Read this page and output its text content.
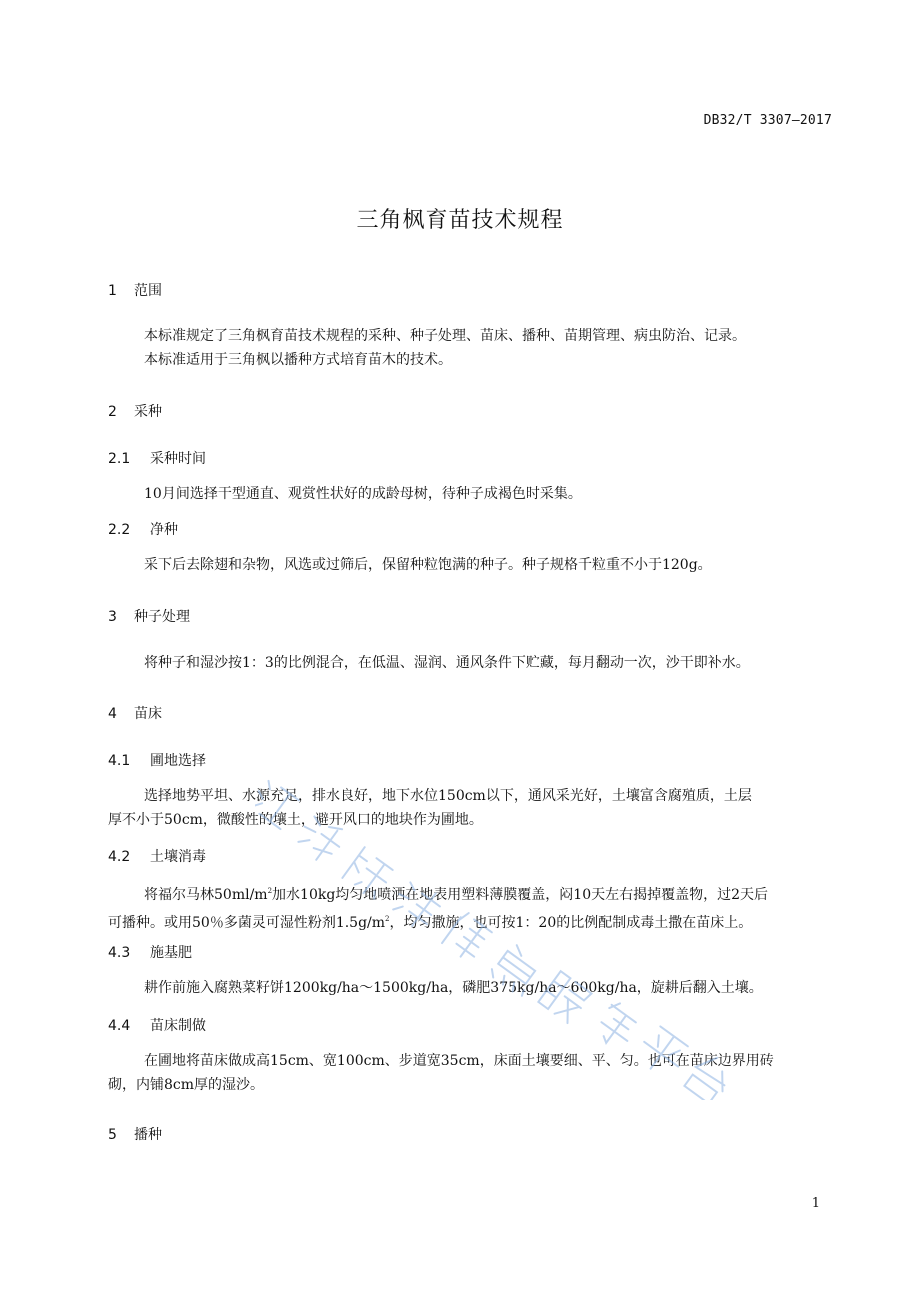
DB32/T 3307—2017
三角枫育苗技术规程
1 范围
本标准规定了三角枫育苗技术规程的采种、种子处理、苗床、播种、苗期管理、病虫防治、记录。
本标准适用于三角枫以播种方式培育苗木的技术。
2 采种
2.1 采种时间
10月间选择干型通直、观赏性状好的成龄母树，待种子成褐色时采集。
2.2 净种
采下后去除翅和杂物，风选或过筛后，保留种粒饱满的种子。种子规格千粒重不小于120g。
3 种子处理
将种子和湿沙按1：3的比例混合，在低温、湿润、通风条件下贮藏，每月翻动一次，沙干即补水。
4 苗床
4.1 圃地选择
选择地势平坦、水源充足，排水良好，地下水位150cm以下，通风采光好，土壤富含腐殖质，土层
厚不小于50cm，微酸性的壤土，避开风口的地块作为圃地。
4.2 土壤消毒
将福尔马林$50ml/m^2$加水10kg均匀地喷洒在地表用塑料薄膜覆盖，闷10天左右揭掉覆盖物，过2天后
可播种。或用50％多菌灵可湿性粉剂$1.5g/m^2$，均匀撒施，也可按1：20的比例配制成毒土撒在苗床上。
4.3 施基肥
耕作前施入腐熟菜籽饼1200kg/ha～1500kg/ha，磷肥375kg/ha～600kg/ha，旋耕后翻入土壤。
4.4 苗床制做
在圃地将苗床做成高15cm、宽100cm、步道宽35cm，床面土壤要细、平、匀。也可在苗床边界用砖
砌，内铺8cm厚的湿沙。
5 播种
1
